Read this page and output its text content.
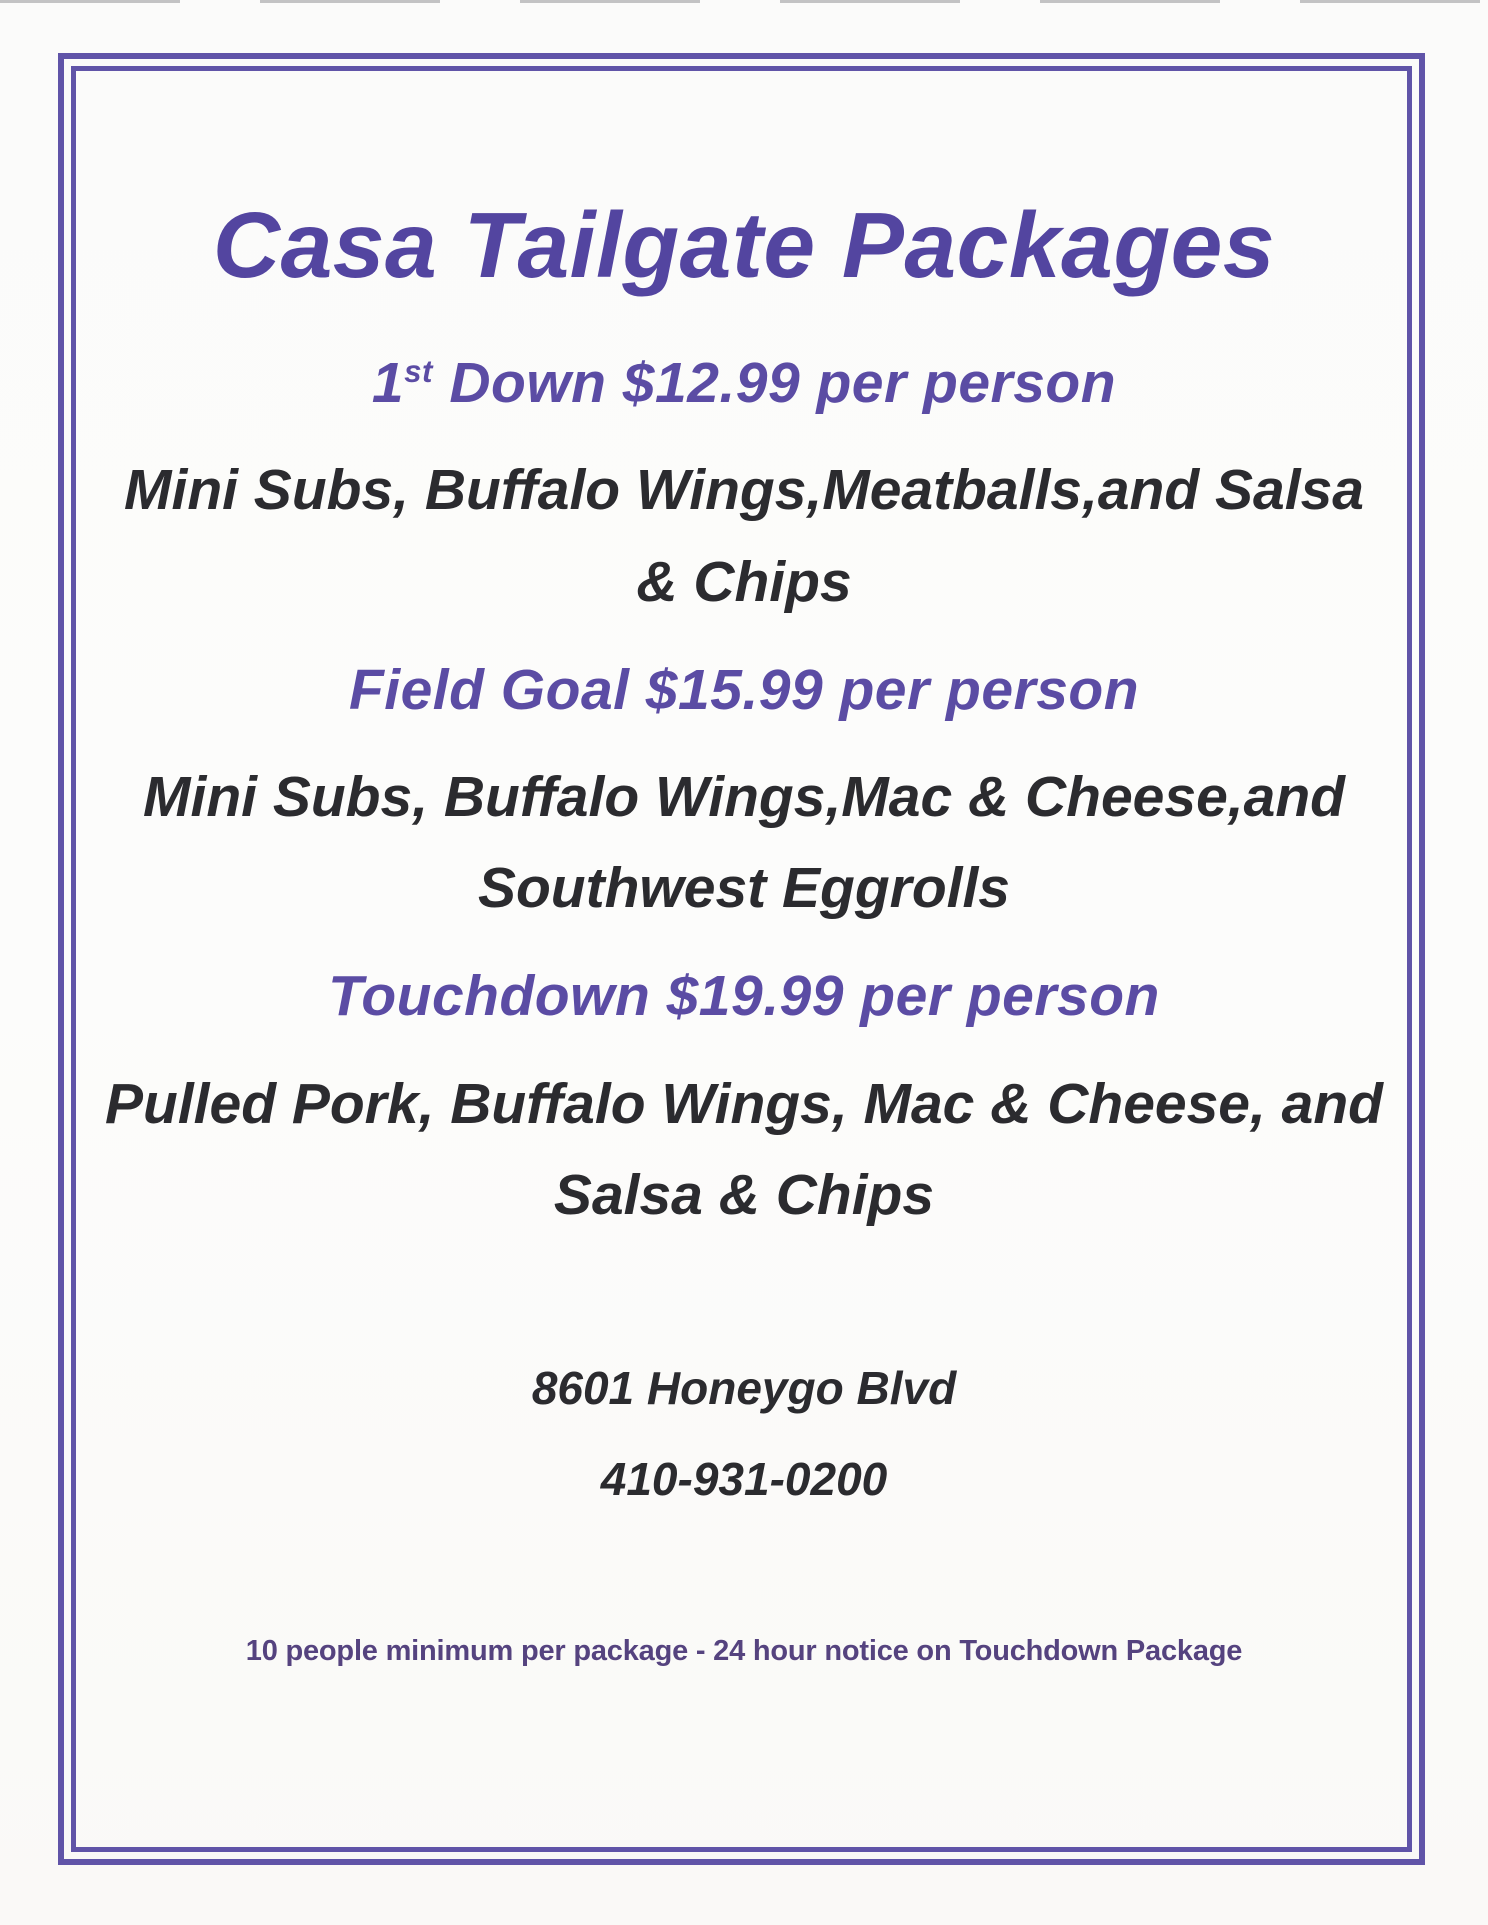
Casa Tailgate Packages
1st Down $12.99 per person

Mini Subs, Buffalo Wings,Meatballs,and Salsa
& Chips

Field Goal $15.99 per person

Mini Subs, Buffalo Wings,Mac & Cheese,and
Southwest Eggrolls

Touchdown $19.99 per person

Pulled Pork, Buffalo Wings, Mac & Cheese, and
Salsa & Chips

8601 Honeygo Blvd
410-931-0200
10 people minimum per package - 24 hour notice on Touchdown Package
